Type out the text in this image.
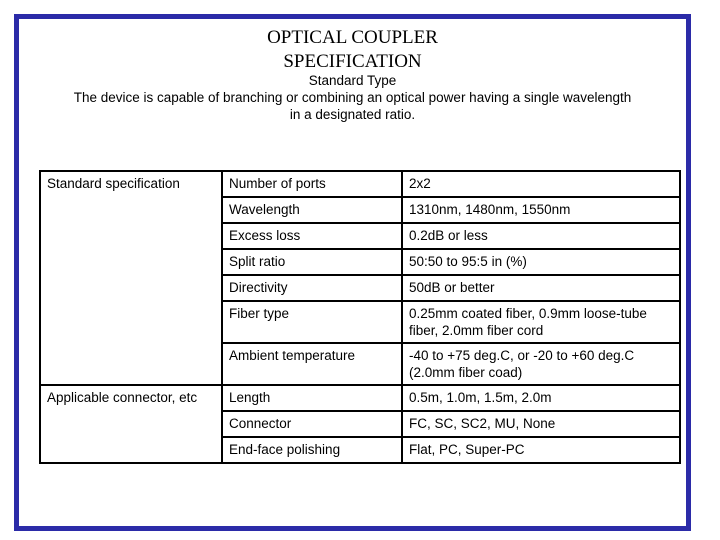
OPTICAL COUPLER
SPECIFICATION
Standard Type
The device is capable of branching or combining an optical power having a single wavelength
in a designated ratio.
Standard specification	Number of ports	2x2
	Wavelength	1310nm, 1480nm, 1550nm
	Excess loss	0.2dB or less
	Split ratio	50:50 to 95:5 in (%)
	Directivity	50dB or better
	Fiber type	0.25mm coated fiber, 0.9mm loose-tube fiber, 2.0mm fiber cord
	Ambient temperature	-40 to +75 deg.C, or -20 to +60 deg.C (2.0mm fiber coad)
Applicable connector, etc	Length	0.5m, 1.0m, 1.5m, 2.0m
	Connector	FC, SC, SC2, MU, None
	End-face polishing	Flat, PC, Super-PC
